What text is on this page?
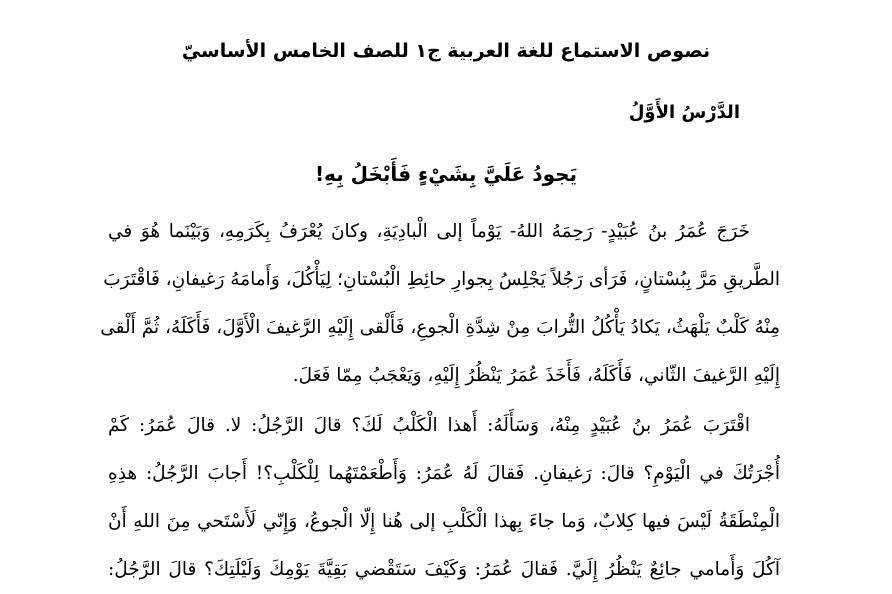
نصوص الاستماع للغة العربية ج١ للصف الخامس الأساسيّ
الدَّرْسُ الأَوَّلُ
يَجودُ عَلَيَّ بِشَيْءٍ فَأَبْخَلُ بِهِ!
خَرَجَ عُمَرُ بنُ عُبَيْدٍ- رَحِمَهُ اللهُ- يَوْماً إلى الْبادِيَةِ، وكانَ يُعْرَفُ بِكَرَمِهِ، وَبَيْنَما هُوَ في
الطَّريقِ مَرَّ بِبُسْتانٍ، فَرَأى رَجُلاً يَجْلِسُ بِجوارِ حائِطِ الْبُسْتانِ؛ لِيَأْكُلَ، وَأَمامَهُ رَغيفانِ، فَاقْتَرَبَ
مِنْهُ كَلْبٌ يَلْهَثُ، يَكادُ يَأْكُلُ التُّرابَ مِنْ شِدَّةِ الْجوعِ، فَأَلْقى إِلَيْهِ الرَّغيفَ الْأَوَّلَ، فَأَكَلَهُ، ثُمَّ أَلْقى
إِلَيْهِ الرَّغيفَ الثّاني، فَأَكَلَهُ، فَأَخَذَ عُمَرُ يَنْظُرُ إِلَيْهِ، وَيَعْجَبُ مِمّا فَعَلَ.
اقْتَرَبَ عُمَرُ بنُ عُبَيْدٍ مِنْهُ، وَسَأَلَهُ: أَهذا الْكَلْبُ لَكَ؟ قالَ الرَّجُلُ: لا. قالَ عُمَرُ: كَمْ
أُجْرَتُكَ في الْيَوْمِ؟ قالَ: رَغيفانِ. فَقالَ لَهُ عُمَرُ: وَأَطْعَمْتَهُما لِلْكَلْبِ؟! أَجابَ الرَّجُلُ: هذِهِ
الْمِنْطَقَةُ لَيْسَ فيها كِلابٌ، وَما جاءَ بِهذا الْكَلْبِ إلى هُنا إِلّا الْجوعُ، وَإِنّي لَأَسْتَحي مِنَ اللهِ أَنْ
آكُلَ وَأَمامي جائِعٌ يَنْظُرُ إِلَيَّ. فَقالَ عُمَرُ: وَكَيْفَ سَتَقْضي بَقِيَّةَ يَوْمِكَ وَلَيْلَتِكَ؟ قالَ الرَّجُلُ:
